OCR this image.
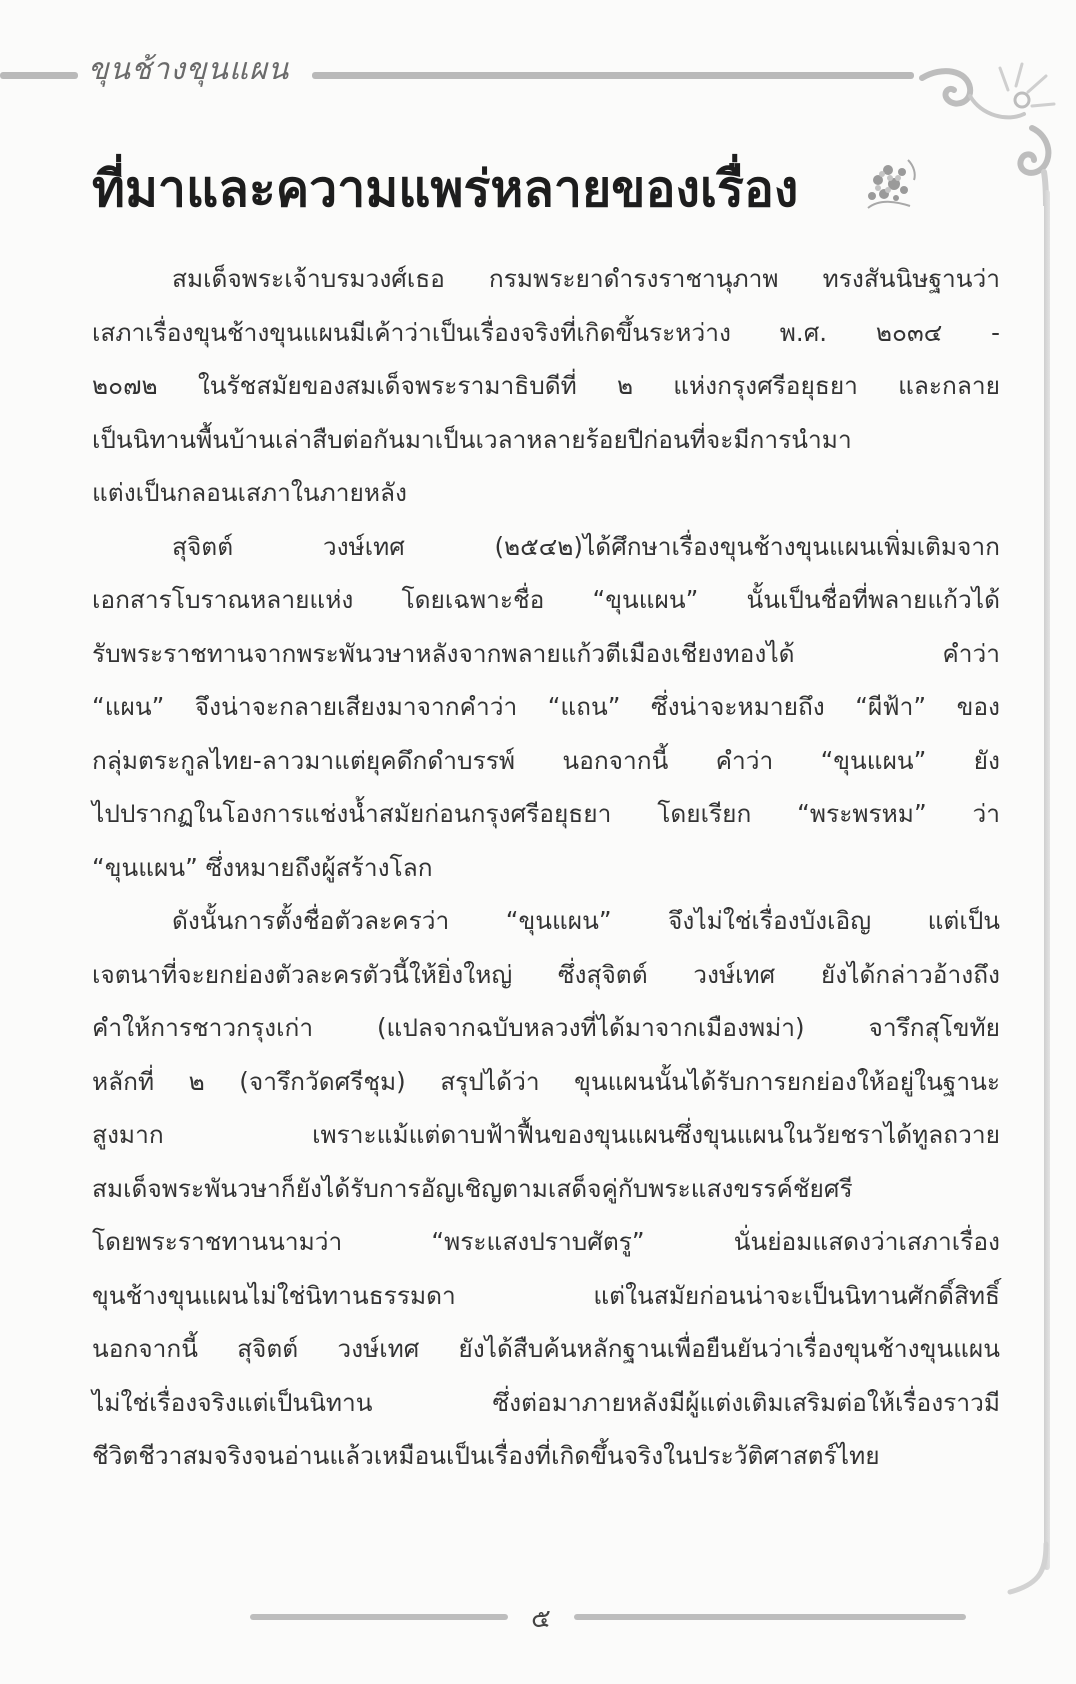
ขุนช้างขุนแผน
ที่มาและความแพร่หลายของเรื่อง

สมเด็จพระเจ้าบรมวงศ์เธอ กรมพระยาดำรงราชานุภาพ ทรงสันนิษฐานว่า
เสภาเรื่องขุนช้างขุนแผนมีเค้าว่าเป็นเรื่องจริงที่เกิดขึ้นระหว่าง พ.ศ. ๒๐๓๔ -
๒๐๗๒ ในรัชสมัยของสมเด็จพระรามาธิบดีที่ ๒ แห่งกรุงศรีอยุธยา และกลาย
เป็นนิทานพื้นบ้านเล่าสืบต่อกันมาเป็นเวลาหลายร้อยปีก่อนที่จะมีการนำมา
แต่งเป็นกลอนเสภาในภายหลัง

สุจิตต์ วงษ์เทศ (๒๕๔๒)ได้ศึกษาเรื่องขุนช้างขุนแผนเพิ่มเติมจาก
เอกสารโบราณหลายแห่ง โดยเฉพาะชื่อ “ขุนแผน” นั้นเป็นชื่อที่พลายแก้วได้
รับพระราชทานจากพระพันวษาหลังจากพลายแก้วตีเมืองเชียงทองได้ คำว่า
“แผน” จึงน่าจะกลายเสียงมาจากคำว่า “แถน” ซึ่งน่าจะหมายถึง “ผีฟ้า” ของ
กลุ่มตระกูลไทย-ลาวมาแต่ยุคดึกดำบรรพ์ นอกจากนี้ คำว่า “ขุนแผน” ยัง
ไปปรากฏในโองการแช่งน้ำสมัยก่อนกรุงศรีอยุธยา โดยเรียก “พระพรหม” ว่า
“ขุนแผน” ซึ่งหมายถึงผู้สร้างโลก

ดังนั้นการตั้งชื่อตัวละครว่า “ขุนแผน” จึงไม่ใช่เรื่องบังเอิญ แต่เป็น
เจตนาที่จะยกย่องตัวละครตัวนี้ให้ยิ่งใหญ่ ซึ่งสุจิตต์ วงษ์เทศ ยังได้กล่าวอ้างถึง
คำให้การชาวกรุงเก่า (แปลจากฉบับหลวงที่ได้มาจากเมืองพม่า) จารึกสุโขทัย
หลักที่ ๒ (จารึกวัดศรีชุม) สรุปได้ว่า ขุนแผนนั้นได้รับการยกย่องให้อยู่ในฐานะ
สูงมาก เพราะแม้แต่ดาบฟ้าฟื้นของขุนแผนซึ่งขุนแผนในวัยชราได้ทูลถวาย
สมเด็จพระพันวษาก็ยังได้รับการอัญเชิญตามเสด็จคู่กับพระแสงขรรค์ชัยศรี
โดยพระราชทานนามว่า “พระแสงปราบศัตรู” นั่นย่อมแสดงว่าเสภาเรื่อง
ขุนช้างขุนแผนไม่ใช่นิทานธรรมดา แต่ในสมัยก่อนน่าจะเป็นนิทานศักดิ์สิทธิ์
นอกจากนี้ สุจิตต์ วงษ์เทศ ยังได้สืบค้นหลักฐานเพื่อยืนยันว่าเรื่องขุนช้างขุนแผน
ไม่ใช่เรื่องจริงแต่เป็นนิทาน ซึ่งต่อมาภายหลังมีผู้แต่งเติมเสริมต่อให้เรื่องราวมี
ชีวิตชีวาสมจริงจนอ่านแล้วเหมือนเป็นเรื่องที่เกิดขึ้นจริงในประวัติศาสตร์ไทย

๕
